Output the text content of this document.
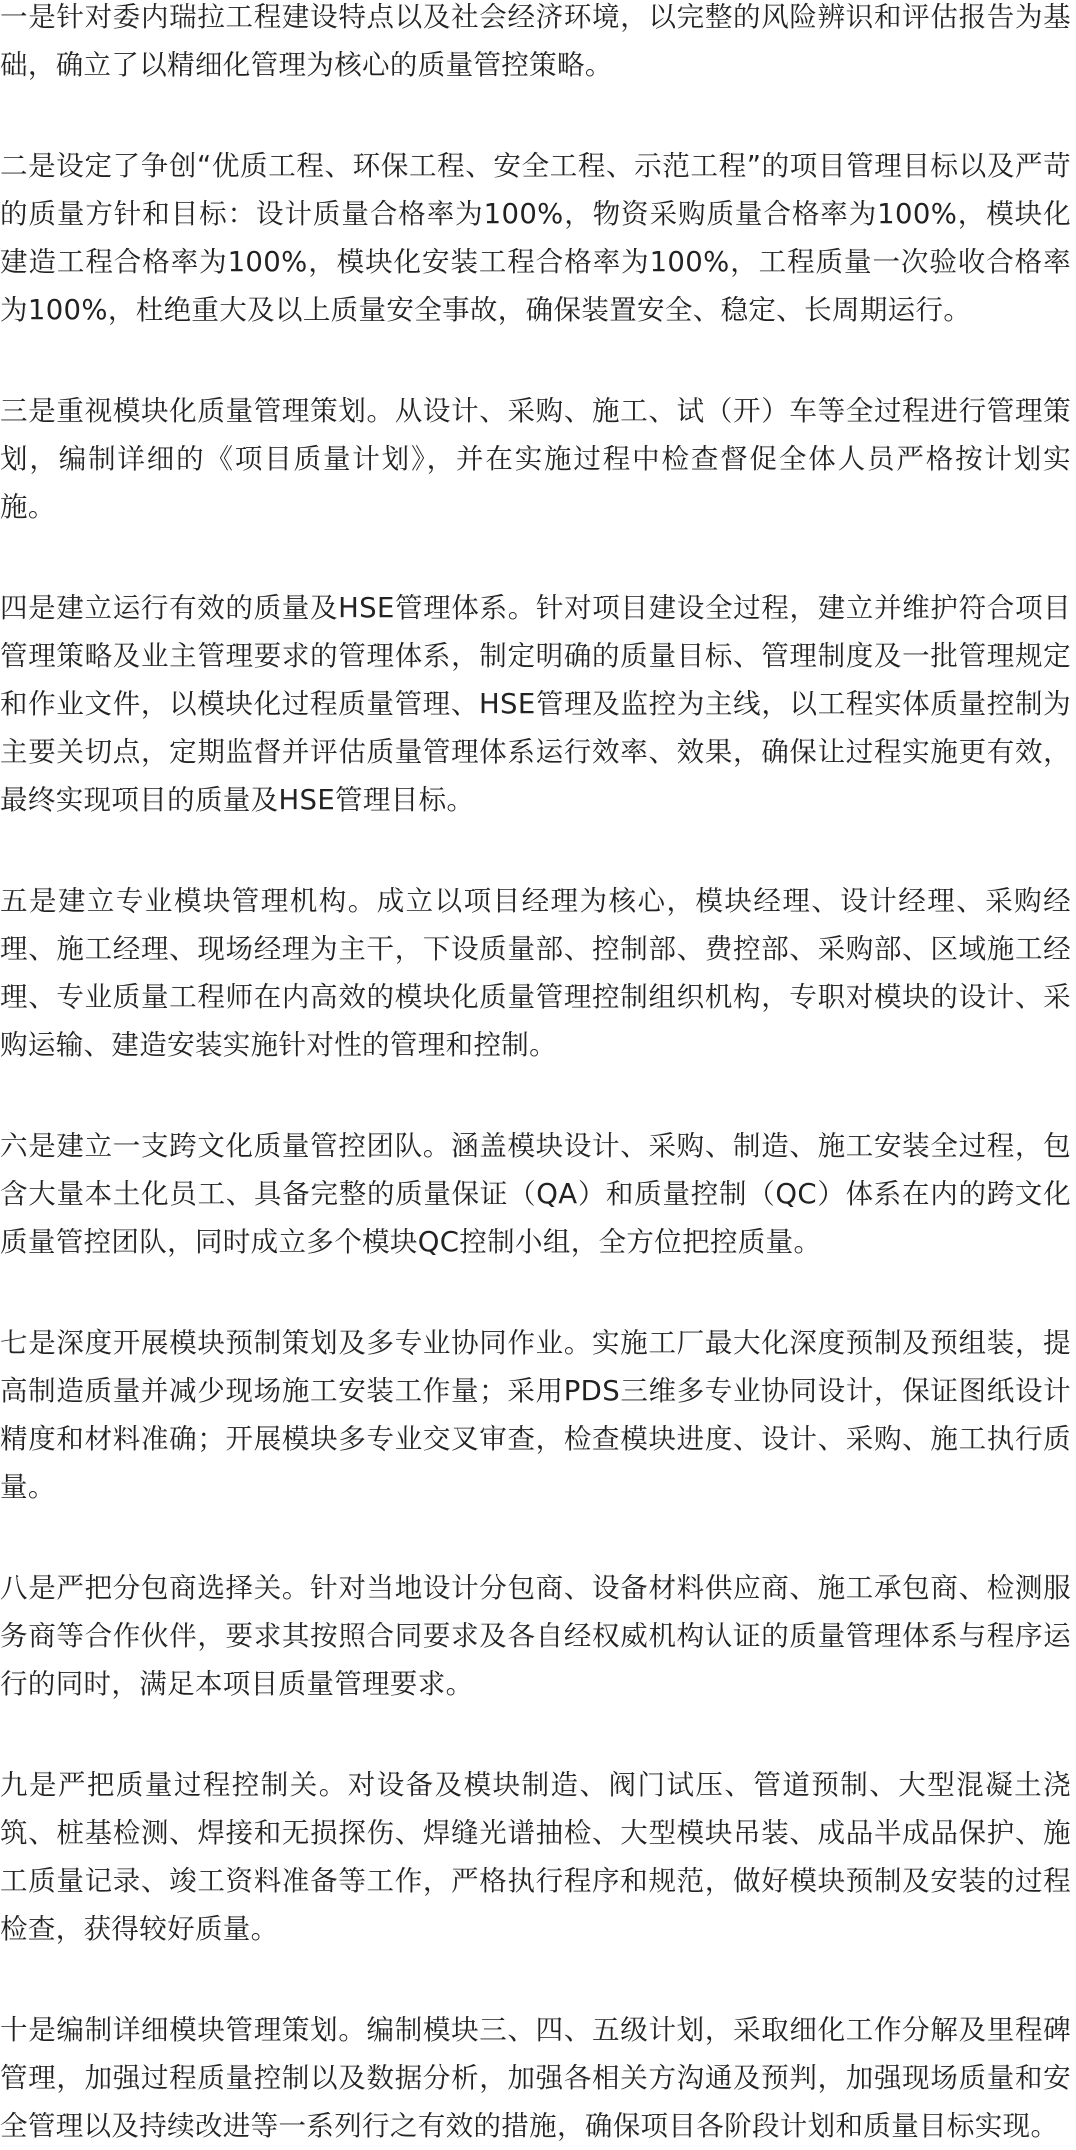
一是针对委内瑞拉工程建设特点以及社会经济环境，以完整的风险辨识和评估报告为基础，确立了以精细化管理为核心的质量管控策略。

二是设定了争创“优质工程、环保工程、安全工程、示范工程”的项目管理目标以及严苛的质量方针和目标：设计质量合格率为100%，物资采购质量合格率为100%，模块化建造工程合格率为100%，模块化安装工程合格率为100%，工程质量一次验收合格率为100%，杜绝重大及以上质量安全事故，确保装置安全、稳定、长周期运行。

三是重视模块化质量管理策划。从设计、采购、施工、试（开）车等全过程进行管理策划，编制详细的《项目质量计划》，并在实施过程中检查督促全体人员严格按计划实施。

四是建立运行有效的质量及HSE管理体系。针对项目建设全过程，建立并维护符合项目管理策略及业主管理要求的管理体系，制定明确的质量目标、管理制度及一批管理规定和作业文件，以模块化过程质量管理、HSE管理及监控为主线，以工程实体质量控制为主要关切点，定期监督并评估质量管理体系运行效率、效果，确保让过程实施更有效，最终实现项目的质量及HSE管理目标。

五是建立专业模块管理机构。成立以项目经理为核心，模块经理、设计经理、采购经理、施工经理、现场经理为主干，下设质量部、控制部、费控部、采购部、区域施工经理、专业质量工程师在内高效的模块化质量管理控制组织机构，专职对模块的设计、采购运输、建造安装实施针对性的管理和控制。

六是建立一支跨文化质量管控团队。涵盖模块设计、采购、制造、施工安装全过程，包含大量本土化员工、具备完整的质量保证（QA）和质量控制（QC）体系在内的跨文化质量管控团队，同时成立多个模块QC控制小组，全方位把控质量。

七是深度开展模块预制策划及多专业协同作业。实施工厂最大化深度预制及预组装，提高制造质量并减少现场施工安装工作量；采用PDS三维多专业协同设计，保证图纸设计精度和材料准确；开展模块多专业交叉审查，检查模块进度、设计、采购、施工执行质量。

八是严把分包商选择关。针对当地设计分包商、设备材料供应商、施工承包商、检测服务商等合作伙伴，要求其按照合同要求及各自经权威机构认证的质量管理体系与程序运行的同时，满足本项目质量管理要求。

九是严把质量过程控制关。对设备及模块制造、阀门试压、管道预制、大型混凝土浇筑、桩基检测、焊接和无损探伤、焊缝光谱抽检、大型模块吊装、成品半成品保护、施工质量记录、竣工资料准备等工作，严格执行程序和规范，做好模块预制及安装的过程检查，获得较好质量。

十是编制详细模块管理策划。编制模块三、四、五级计划，采取细化工作分解及里程碑管理，加强过程质量控制以及数据分析，加强各相关方沟通及预判，加强现场质量和安全管理以及持续改进等一系列行之有效的措施，确保项目各阶段计划和质量目标实现。
